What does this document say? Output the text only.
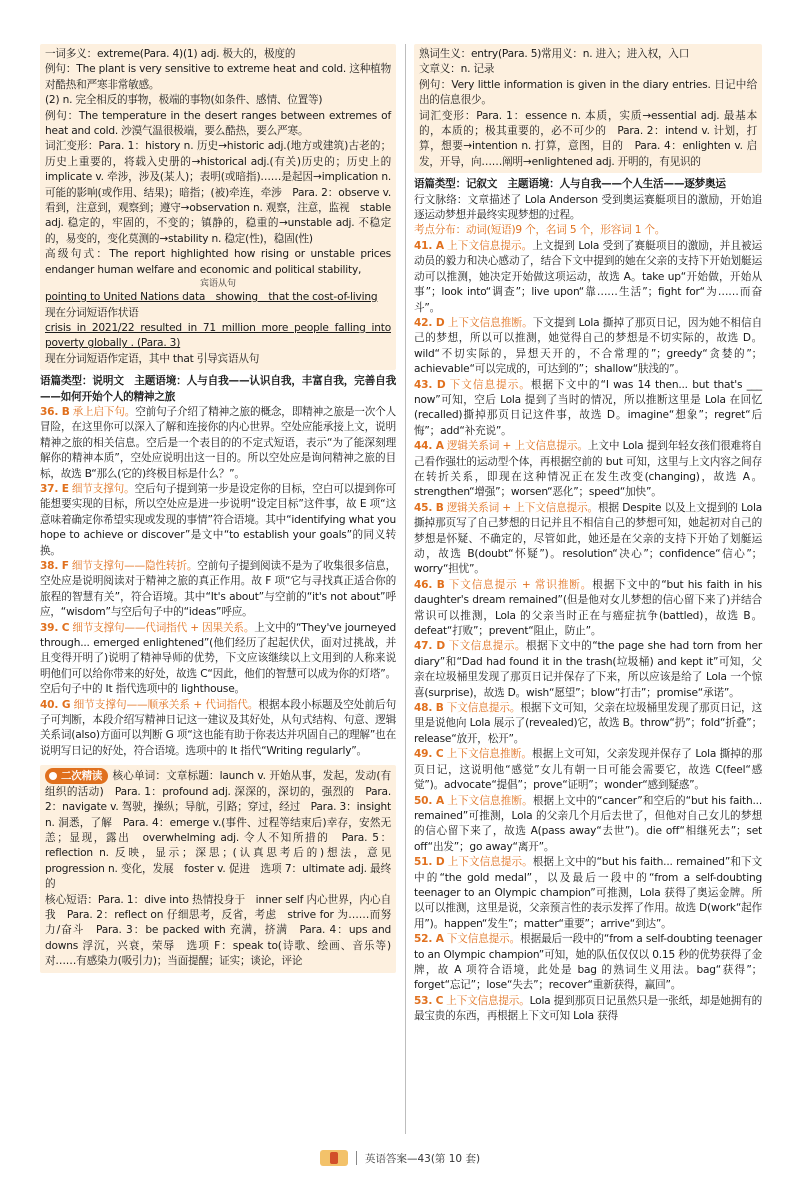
一词多义：extreme(Para. 4)(1) adj. 极大的，极度的

例句：The plant is very sensitive to extreme heat and cold. 这种植物对酷热和严寒非常敏感。

(2) n. 完全相反的事物，极端的事物(如条件、感情、位置等)

例句：The temperature in the desert ranges between extremes of heat and cold. 沙漠气温很极端，要么酷热，要么严寒。

词汇变形：Para. 1：history n. 历史→historic adj.(地方或建筑)古老的；历史上重要的，将载入史册的→historical adj.(有关)历史的；历史上的　implicate v. 牵涉，涉及(某人)；表明(或暗指)……是起因→implication n. 可能的影响(或作用、结果)；暗指；(被)牵连，牵涉　Para. 2：observe v. 看到，注意到，观察到；遵守→observation n. 观察，注意，监视　stable adj. 稳定的，牢固的，不变的；镇静的，稳重的→unstable adj. 不稳定的，易变的，变化莫测的→stability n. 稳定(性)，稳固(性)

高级句式：The report highlighted how rising or unstable prices endanger human welfare and economic and political stability,

宾语从句

pointing to United Nations data　showing　that the cost-of-living

现在分词短语作状语

crisis in 2021/22 resulted in 71 million more people falling into poverty globally . (Para. 3)

现在分词短语作定语，其中 that 引导宾语从句

语篇类型：说明文　主题语境：人与自我——认识自我，丰富自我，完善自我——如何开始个人的精神之旅

36. B 承上启下句。空前句子介绍了精神之旅的概念，即精神之旅是一次个人冒险，在这里你可以深入了解和连接你的内心世界。空处应能承接上文，说明精神之旅的相关信息。空后是一个表目的的不定式短语，表示“为了能深刻理解你的精神本质”，空处应说明出这一目的。所以空处应是询问精神之旅的目标，故选 B“那么(它的)终极目标是什么？”。

37. E 细节支撑句。空后句子提到第一步是设定你的目标，空白可以提到你可能想要实现的目标，所以空处应是进一步说明“设定目标”这件事，故 E 项“这意味着确定你希望实现或发现的事情”符合语境。其中“identifying what you hope to achieve or discover”是文中“to establish your goals”的同义转换。

38. F 细节支撑句——隐性转折。空前句子提到阅读不是为了收集很多信息，空处应是说明阅读对于精神之旅的真正作用。故 F 项“它与寻找真正适合你的旅程的智慧有关”，符合语境。其中“It's about”与空前的“it's not about”呼应，“wisdom”与空后句子中的“ideas”呼应。

39. C 细节支撑句——代词指代 + 因果关系。上文中的“They've journeyed through... emerged enlightened”(他们经历了起起伏伏，面对过挑战，并且变得开明了)说明了精神导师的优势，下文应该继续以上文用到的人称来说明他们可以给你带来的好处，故选 C“因此，他们的智慧可以成为你的灯塔”。空后句子中的 It 指代选项中的 lighthouse。

40. G 细节支撑句——顺承关系 + 代词指代。根据本段小标题及空处前后句子可判断，本段介绍写精神日记这一建议及其好处，从句式结构、句意、逻辑关系词(also)方面可以判断 G 项“这也能有助于你表达并巩固自己的理解”也在说明写日记的好处，符合语境。选项中的 It 指代“Writing regularly”。

二次精读 核心单词：文章标题：launch v. 开始从事，发起，发动(有组织的活动)　Para. 1：profound adj. 深深的，深切的，强烈的　Para. 2：navigate v. 驾驶，操纵；导航，引路；穿过，经过　Para. 3：insight n. 洞悉，了解　Para. 4：emerge v.(事件、过程等结束后)幸存，安然无恙；显现，露出　overwhelming adj. 令人不知所措的　Para. 5：reflection n. 反映，显示；深思；(认真思考后的)想法，意见　progression n. 变化，发展　foster v. 促进　选项 7：ultimate adj. 最终的

核心短语：Para. 1：dive into 热情投身于　inner self 内心世界，内心自我　Para. 2：reflect on 仔细思考，反省，考虑　strive for 为……而努力/奋斗　Para. 3：be packed with 充满，挤满　Para. 4：ups and downs 浮沉，兴衰，荣辱　选项 F：speak to(诗歌、绘画、音乐等)对……有感染力(吸引力)；当面提醒；证实；谈论，评论

熟词生义：entry(Para. 5)常用义：n. 进入；进入权，入口

文章义：n. 记录

例句：Very little information is given in the diary entries. 日记中给出的信息很少。

词汇变形：Para. 1：essence n. 本质，实质→essential adj. 最基本的，本质的；极其重要的，必不可少的　Para. 2：intend v. 计划，打算，想要→intention n. 打算，意图，目的　Para. 4：enlighten v. 启发，开导，向……阐明→enlightened adj. 开明的，有见识的

语篇类型：记叙文　主题语境：人与自我——个人生活——逐梦奥运

行文脉络：文章描述了 Lola Anderson 受到奥运赛艇项目的激励，开始追逐运动梦想并最终实现梦想的过程。

考点分布：动词(短语)9 个，名词 5 个，形容词 1 个。

41. A 上下文信息提示。上文提到 Lola 受到了赛艇项目的激励，并且被运动员的毅力和决心感动了，结合下文中提到的她在父亲的支持下开始划艇运动可以推测，她决定开始做这项运动，故选 A。take up“开始做，开始从事”；look into“调查”；live upon“靠……生活”；fight for“为……而奋斗”。

42. D 上下文信息推断。下文提到 Lola 撕掉了那页日记，因为她不相信自己的梦想，所以可以推测，她觉得自己的梦想是不切实际的，故选 D。wild“不切实际的，异想天开的，不合常理的”；greedy“贪婪的”；achievable“可以完成的，可达到的”；shallow“肤浅的”。

43. D 下文信息提示。根据下文中的“I was 14 then... but that's ___ now”可知，空后 Lola 提到了当时的情况，所以推断这里是 Lola 在回忆(recalled)撕掉那页日记这件事，故选 D。imagine“想象”；regret“后悔”；add“补充说”。

44. A 逻辑关系词 + 上文信息提示。上文中 Lola 提到年轻女孩们很难将自己看作强壮的运动型个体，再根据空前的 but 可知，这里与上文内容之间存在转折关系，即现在这种情况正在发生改变(changing)，故选 A。strengthen“增强”；worsen“恶化”；speed“加快”。

45. B 逻辑关系词 + 上下文信息提示。根据 Despite 以及上文提到的 Lola 撕掉那页写了自己梦想的日记并且不相信自己的梦想可知，她起初对自己的梦想是怀疑、不确定的，尽管如此，她还是在父亲的支持下开始了划艇运动，故选 B(doubt“怀疑”)。resolution“决心”；confidence“信心”；worry“担忧”。

46. B 下文信息提示 + 常识推断。根据下文中的“but his faith in his daughter's dream remained”(但是他对女儿梦想的信心留下来了)并结合常识可以推测，Lola 的父亲当时正在与癌症抗争(battled)，故选 B。defeat“打败”；prevent“阻止，防止”。

47. D 下文信息提示。根据下文中的“the page she had torn from her diary”和“Dad had found it in the trash(垃圾桶) and kept it”可知，父亲在垃圾桶里发现了那页日记并保存了下来，所以应该是给了 Lola 一个惊喜(surprise)，故选 D。wish“愿望”；blow“打击”；promise“承诺”。

48. B 下文信息提示。根据下文可知，父亲在垃圾桶里发现了那页日记，这里是说他向 Lola 展示了(revealed)它，故选 B。throw“扔”；fold“折叠”；release“放开，松开”。

49. C 上下文信息推断。根据上文可知，父亲发现并保存了 Lola 撕掉的那页日记，这说明他“感觉”女儿有朝一日可能会需要它，故选 C(feel“感觉”)。advocate“提倡”；prove“证明”；wonder“感到疑惑”。

50. A 上下文信息推断。根据上文中的“cancer”和空后的“but his faith... remained”可推测，Lola 的父亲几个月后去世了，但他对自己女儿的梦想的信心留下来了，故选 A(pass away“去世”)。die off“相继死去”；set off“出发”；go away“离开”。

51. D 上下文信息提示。根据上文中的“but his faith... remained”和下文中的“the gold medal”，以及最后一段中的“from a self-doubting teenager to an Olympic champion”可推测，Lola 获得了奥运金牌。所以可以推测，这里是说，父亲预言性的表示发挥了作用。故选 D(work“起作用”)。happen“发生”；matter“重要”；arrive“到达”。

52. A 下文信息提示。根据最后一段中的“from a self-doubting teenager to an Olympic champion”可知，她的队伍仅仅以 0.15 秒的优势获得了金牌，故 A 项符合语境，此处是 bag 的熟词生义用法。bag“获得”；forget“忘记”；lose“失去”；recover“重新获得，赢回”。

53. C 上下文信息提示。Lola 提到那页日记虽然只是一张纸，却是她拥有的最宝贵的东西，再根据上下文可知 Lola 获得

英语答案—43(第 10 套)
